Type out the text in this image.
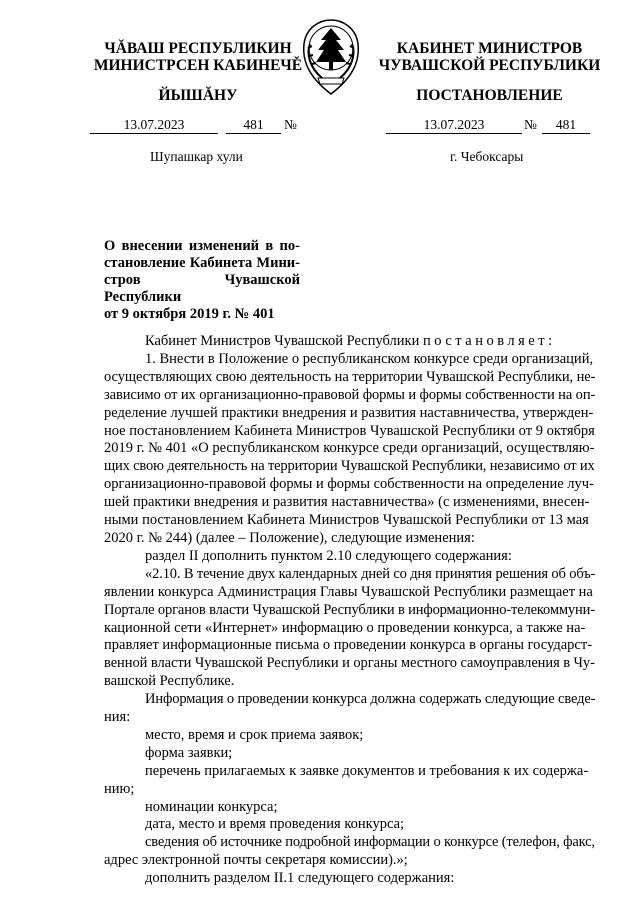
ЧĂВАШ РЕСПУБЛИКИН
МИНИСТРСЕН КАБИНЕЧĚ
ЙЫШĂНУ
КАБИНЕТ МИНИСТРОВ
ЧУВАШСКОЙ РЕСПУБЛИКИ
ПОСТАНОВЛЕНИЕ
13.07.2023	481	№	13.07.2023	№	481
Шупашкар хули	г. Чебоксары
О внесении изменений в по-
становление Кабинета Мини-
стров Чувашской Республики
от 9 октября 2019 г. № 401
Кабинет Министров Чувашской Республики постановляет:
1. Внести в Положение о республиканском конкурсе среди организаций,
осуществляющих свою деятельность на территории Чувашской Республики, не-
зависимо от их организационно-правовой формы и формы собственности на оп-
ределение лучшей практики внедрения и развития наставничества, утвержден-
ное постановлением Кабинета Министров Чувашской Республики от 9 октября
2019 г. № 401 «О республиканском конкурсе среди организаций, осуществляю-
щих свою деятельность на территории Чувашской Республики, независимо от их
организационно-правовой формы и формы собственности на определение луч-
шей практики внедрения и развития наставничества» (с изменениями, внесен-
ными постановлением Кабинета Министров Чувашской Республики от 13 мая
2020 г. № 244) (далее – Положение), следующие изменения:
раздел II дополнить пунктом 2.10 следующего содержания:
«2.10. В течение двух календарных дней со дня принятия решения об объ-
явлении конкурса Администрация Главы Чувашской Республики размещает на
Портале органов власти Чувашской Республики в информационно-телекоммуни-
кационной сети «Интернет» информацию о проведении конкурса, а также на-
правляет информационные письма о проведении конкурса в органы государст-
венной власти Чувашской Республики и органы местного самоуправления в Чу-
вашской Республике.
Информация о проведении конкурса должна содержать следующие сведе-
ния:
место, время и срок приема заявок;
форма заявки;
перечень прилагаемых к заявке документов и требования к их содержа-
нию;
номинации конкурса;
дата, место и время проведения конкурса;
сведения об источнике подробной информации о конкурсе (телефон, факс,
адрес электронной почты секретаря комиссии).»;
дополнить разделом II.1 следующего содержания:
